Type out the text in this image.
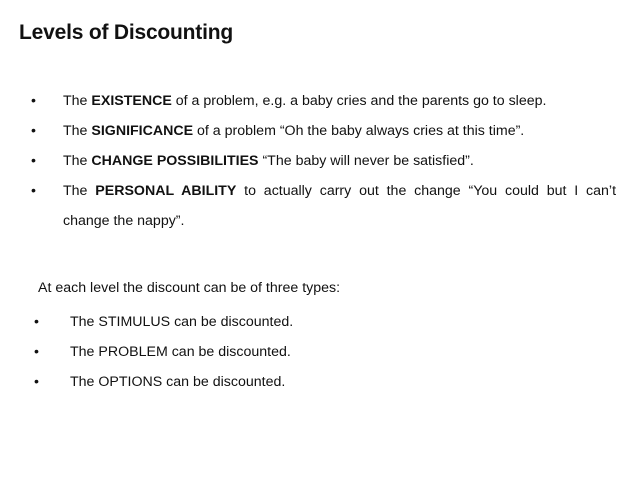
Levels of Discounting
•	The EXISTENCE of a problem, e.g. a baby cries and the parents go to sleep.
•	The SIGNIFICANCE of a problem “Oh the baby always cries at this time”.
•	The CHANGE POSSIBILITIES “The baby will never be satisfied”.
•	The PERSONAL ABILITY to actually carry out the change “You could but I can’t change the nappy”.
At each level the discount can be of three types:
•	The STIMULUS can be discounted.
•	The PROBLEM can be discounted.
•	The OPTIONS can be discounted.
